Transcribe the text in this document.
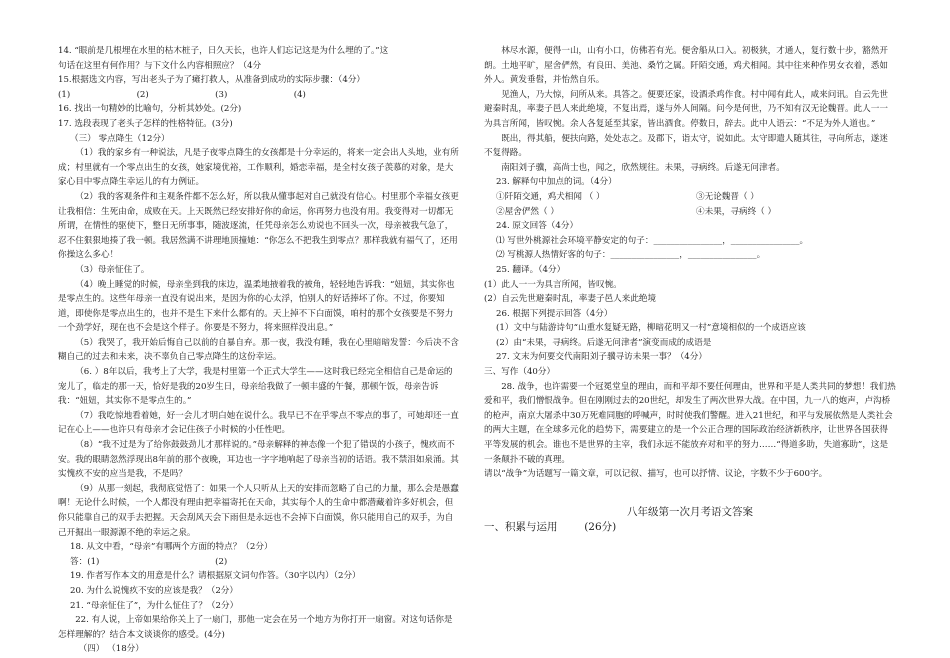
14. “眼前是几根埋在水里的枯木桩子，日久天长，也许人们忘记这是为什么埋的了。”这

句话在这里有何作用？与下文什么内容相照应？（4分

15.根据选文内容，写出老头子为了瘫打救人，从准备到成功的实际步骤：（4分）

(1)	(2)	(3)	(4)

16. 找出一句精妙的比喻句，分析其妙处。(2分)

17. 选段表现了老头子怎样的性格特征。(3分)

（三） 零点降生（12分）

（1）我的家乡有一种说法，凡是子夜零点降生的女孩都是十分幸运的，将来一定会出人头地，业有所成；村里就有一个零点出生的女孩，她家境优裕，工作顺利，婚恋幸福，是全村女孩子羡慕的对象，是大家心目中零点降生幸运儿的有力例证。

（2）我的客观条件和主观条件都不怎么好，所以我从懂事起对自己就没有信心。村里那个幸福女孩更让我相信：生死由命，成败在天。上天既然已经安排好你的命运，你再努力也没有用。我变得对一切都无所谓，在情性的驱使下，整日无所事事，随波逐流，任凭母亲怎么劝说也不回头一次，母亲被我气急了，忍不住狠狠地揍了我一顿。我居然满不讲理地顶撞她：“你怎么不把我生到零点？那样我就有福气了，还用你操这么多心！

（3）母亲怔住了。

（4）晚上睡觉的时候，母亲坐到我的床边，温柔地掖着我的被角，轻轻地告诉我：“妞妞，其实你也是零点生的。这些年母亲一直没有说出来，是因为你的心太浮，怕别人的好话捧坏了你。不过，你要知道，即使你是零点出生的，也并不是生下来什么都有的。天上掉不下白面馍，咱村的那个女孩要是不努力一个劲学好，现在也不会是这个样子。你要是不努力，将来照样没出息。”

（5）我哭了，我开始后悔自己以前的自暴自弃。那一夜，我没有睡，我在心里暗暗发誓：今后决不含糊自己的过去和未来，决不辜负自己零点降生的这份幸运。

（6. ）8年以后，我考上了大学，我是村里第一个正式大学生——这时我已经完全相信自己是命运的宠儿了，临走的那一天，恰好是我的20岁生日，母亲给我做了一顿丰盛的午餐，那顿午饭，母亲告诉我：“妞妞，其实你不是零点生的。”

（7）我吃惊地看着她，好一会儿才明白她在说什么。我早已不在乎零点不零点的事了，可她却还一直记在心上——也许只有母亲才会记住孩子小时候的小任性吧。

（8）“我不过是为了给你鼓鼓劲儿才那样说的。”母亲解释的神态像一个犯了错误的小孩子，愧疚而不安。我的眼睛忽然浮现出8年前的那个夜晚，耳边也一字字地响起了母亲当初的话语。我不禁泪如泉涌。其实愧疚不安的应当是我，不是吗？

（9）从那一刻起，我彻底觉悟了：如果一个人只听从上天的安排而忽略了自己的力量，那么会是愚蠢啊！无论什么时候，一个人都没有理由把幸福寄托在天命，其实每个人的生命中都潜藏着许多好机会，但你只能靠自己的双手去把握。天会刮风天会下雨但是永远也不会掉下白面馍，你只能用自己的双手，为自己开掘出一眼源源不绝的幸运之泉。

18. 从文中看，“母亲”有哪两个方面的特点？（2分）

答：(1)	(2)

19. 作者写作本文的用意是什么？请根据原文词句作答。（30字以内）（2分）

20. 为什么说愧疚不安的应该是我？（2分）

21. “母亲怔住了”，为什么怔住了？（2分）

22. 有人说，上帝如果给你关上了一扇门，那他一定会在另一个地方为你打开一扇窗。对这句话你是怎样理解的？结合本文谈谈你的感受。(4分)

（四） （18分）

林尽水源，便得一山，山有小口，仿佛若有光。便舍船从口入。初极狭，才通人，复行数十步，豁然开朗。土地平旷，屋舍俨然，有良田、美池、桑竹之属。阡陌交通，鸡犬相闻。其中往来种作男女衣着，悉如外人。黄发垂髫，并怡然自乐。

见渔人，乃大惊，问所从来。具答之。便要还家，设酒杀鸡作食。村中闻有此人，咸来问讯。自云先世避秦时乱，率妻子邑人来此绝境，不复出焉，遂与外人间隔。问今是何世，乃不知有汉无论魏晋。此人一一为具言所闻，皆叹惋。余人各复延至其家，皆出酒食。停数日，辞去。此中人语云：“不足为外人道也。”

既出，得其船，便扶向路，处处志之。及郡下，诣太守，说如此。太守即遣人随其往，寻向所志，遂迷不复得路。

南阳刘子骥，高尚士也，闻之，欣然规往。未果，寻病终。后遂无问津者。

23. 解释句中加点的词。（4分）

①阡陌交通，鸡犬相闻 （ ）	③无论魏晋（ ）
②屋舍俨然（ ）	④未果，寻病终（ ）

24. 原文回答（4分）

⑴ 写世外桃源社会环境平静安定的句子：________________，________________。

⑵ 写桃源人热情好客的句子：________________，________________。

25. 翻译。（4分）

(1）此人一一为具言所闻，皆叹惋。

(2）自云先世避秦时乱，率妻子邑人来此绝境

26. 根据下列提示回答（4分）

(1）文中与陆游诗句“山重水复疑无路，柳暗花明又一村”意境相似的一个成语应该

(2）由“未果，寻病终。后遂无问津者”演变而成的成语是

27. 文末为何要交代南阳刘子骥寻访未果一事？（4分）

三、写作（40分）

28. 战争，也许需要一个冠冕堂皇的理由，而和平却不要任何理由，世界和平是人类共同的梦想！我们热爱和平，我们憎恨战争。但在刚刚过去的20世纪，却发生了两次世界大战。在中国，九一八的炮声，卢沟桥的枪声，南京大屠杀中30万死难同胞的呼喊声，时时使我们警醒。进入21世纪，和平与发展依然是人类社会的两大主题，在全球多元化的趋势下，需要建立的是一个公正合理的国际政治经济新秩序，让世界各国获得平等发展的机会。谁也不是世界的主宰，我们永远不能放弃对和平的努力……“得道多助，失道寡助”，这是一条颠扑不破的真理。

请以“战争”为话题写一篇文章，可以记叙、描写，也可以抒情、议论，字数不少于600字。

八年级第一次月考语文答案

一、积累与运用        (26分)
